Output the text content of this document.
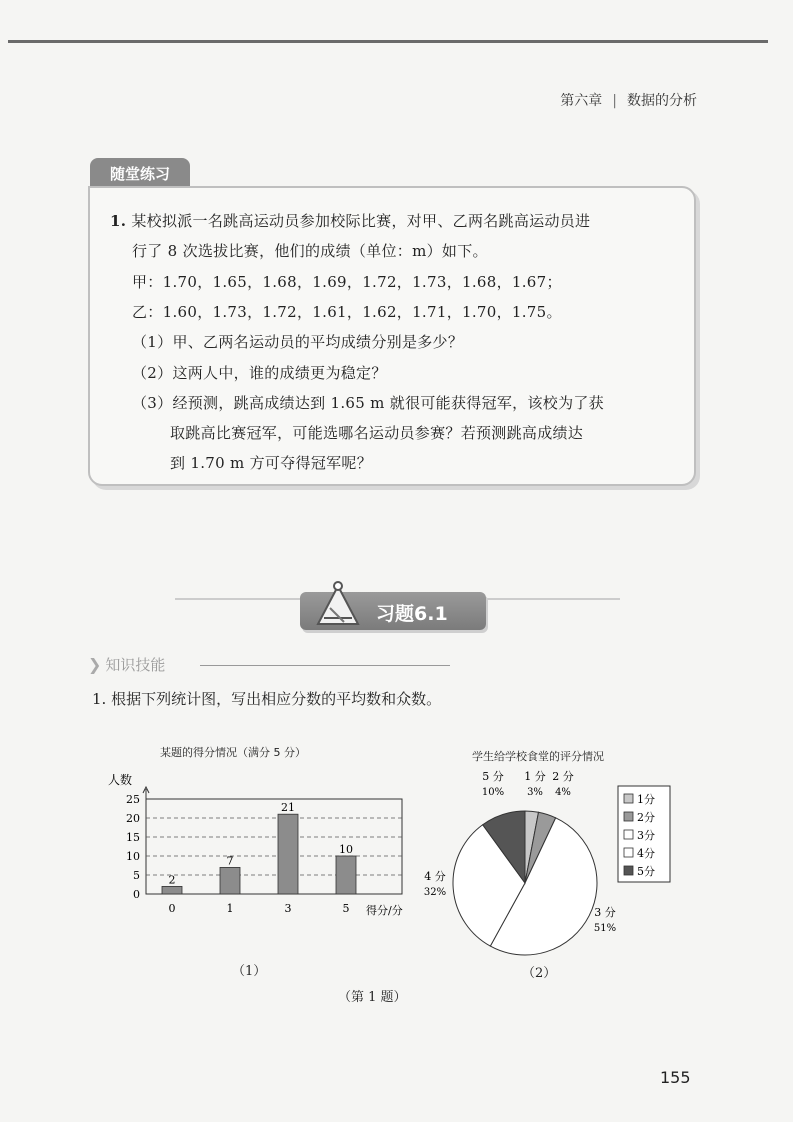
第六章 | 数据的分析
随堂练习
1. 某校拟派一名跳高运动员参加校际比赛，对甲、乙两名跳高运动员进
行了 8 次选拔比赛，他们的成绩（单位：m）如下。
甲：1.70，1.65，1.68，1.69，1.72，1.73，1.68，1.67；
乙：1.60，1.73，1.72，1.61，1.62，1.71，1.70，1.75。
（1）甲、乙两名运动员的平均成绩分别是多少？
（2）这两人中，谁的成绩更为稳定？
（3）经预测，跳高成绩达到 1.65 m 就很可能获得冠军，该校为了获
取跳高比赛冠军，可能选哪名运动员参赛？若预测跳高成绩达
到 1.70 m 方可夺得冠军呢？
习题6.1
❯ 知识技能
1. 根据下列统计图，写出相应分数的平均数和众数。
某题的得分情况（满分 5 分）
人数
0
5
10
15
20
25
2
0
7
1
21
3
10
5 得分/分
（1）
学生给学校食堂的评分情况
1 分
3%
2 分
4%
3 分
51%
4 分
32%
5 分
10%
1分
2分
3分
4分
5分
（2）
（第 1 题）
155
